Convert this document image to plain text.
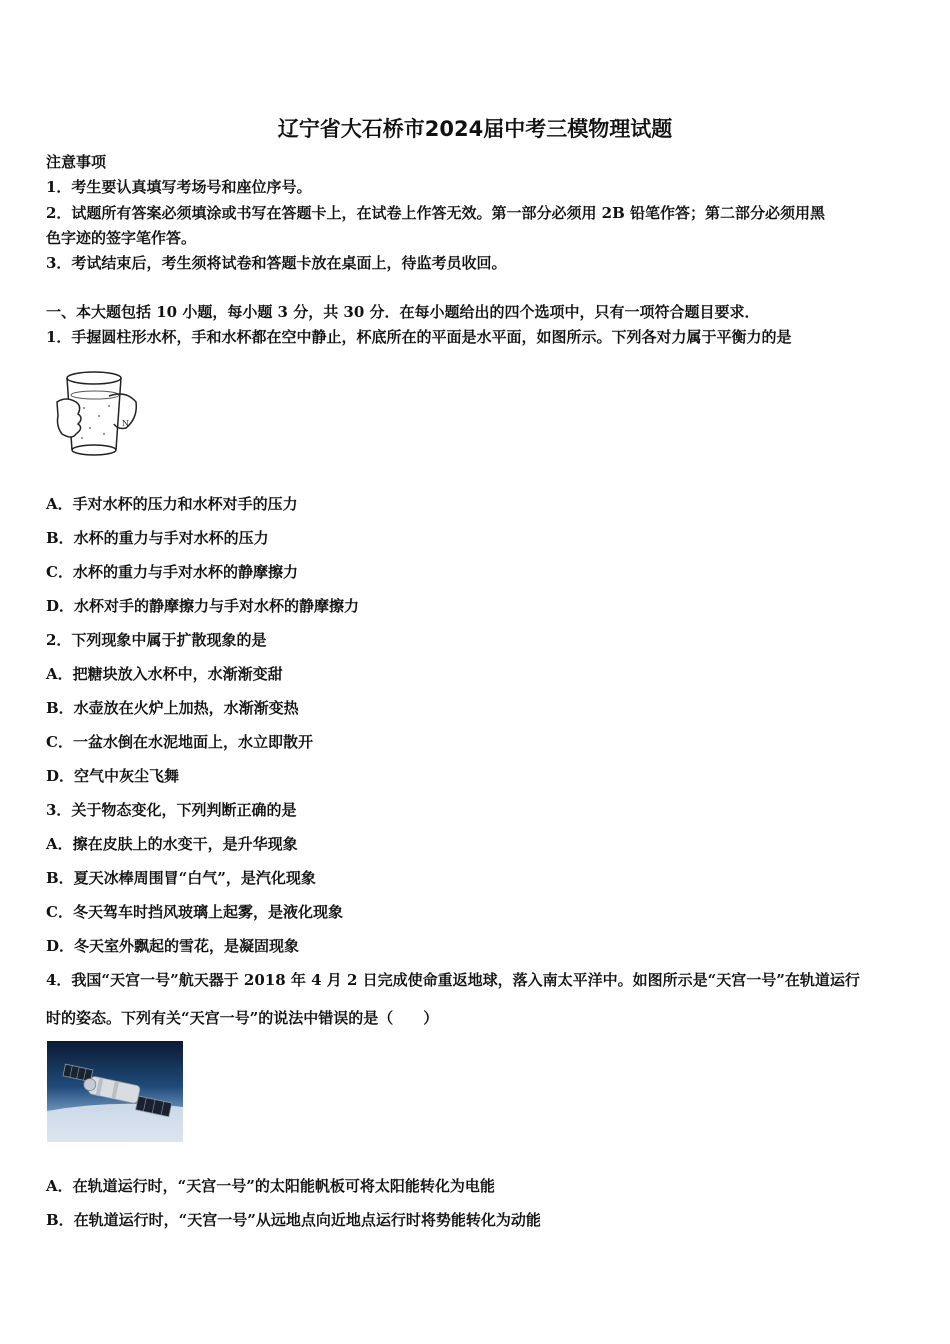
辽宁省大石桥市2024届中考三模物理试题
注意事项
1．考生要认真填写考场号和座位序号。
2．试题所有答案必须填涂或书写在答题卡上，在试卷上作答无效。第一部分必须用 2B 铅笔作答；第二部分必须用黑
色字迹的签字笔作答。
3．考试结束后，考生须将试卷和答题卡放在桌面上，待监考员收回。
一、本大题包括 10 小题，每小题 3 分，共 30 分．在每小题给出的四个选项中，只有一项符合题目要求．
1．手握圆柱形水杯，手和水杯都在空中静止，杯底所在的平面是水平面，如图所示。下列各对力属于平衡力的是
N
A．手对水杯的压力和水杯对手的压力
B．水杯的重力与手对水杯的压力
C．水杯的重力与手对水杯的静摩擦力
D．水杯对手的静摩擦力与手对水杯的静摩擦力
2．下列现象中属于扩散现象的是
A．把糖块放入水杯中，水渐渐变甜
B．水壶放在火炉上加热，水渐渐变热
C．一盆水倒在水泥地面上，水立即散开
D．空气中灰尘飞舞
3．关于物态变化，下列判断正确的是
A．擦在皮肤上的水变干，是升华现象
B．夏天冰棒周围冒“白气”，是汽化现象
C．冬天驾车时挡风玻璃上起雾，是液化现象
D．冬天室外飘起的雪花，是凝固现象
4．我国“天宫一号”航天器于 2018 年 4 月 2 日完成使命重返地球，落入南太平洋中。如图所示是“天宫一号”在轨道运行
时的姿态。下列有关“天宫一号”的说法中错误的是（　　）
A．在轨道运行时，“天宫一号”的太阳能帆板可将太阳能转化为电能
B．在轨道运行时，“天宫一号”从远地点向近地点运行时将势能转化为动能
